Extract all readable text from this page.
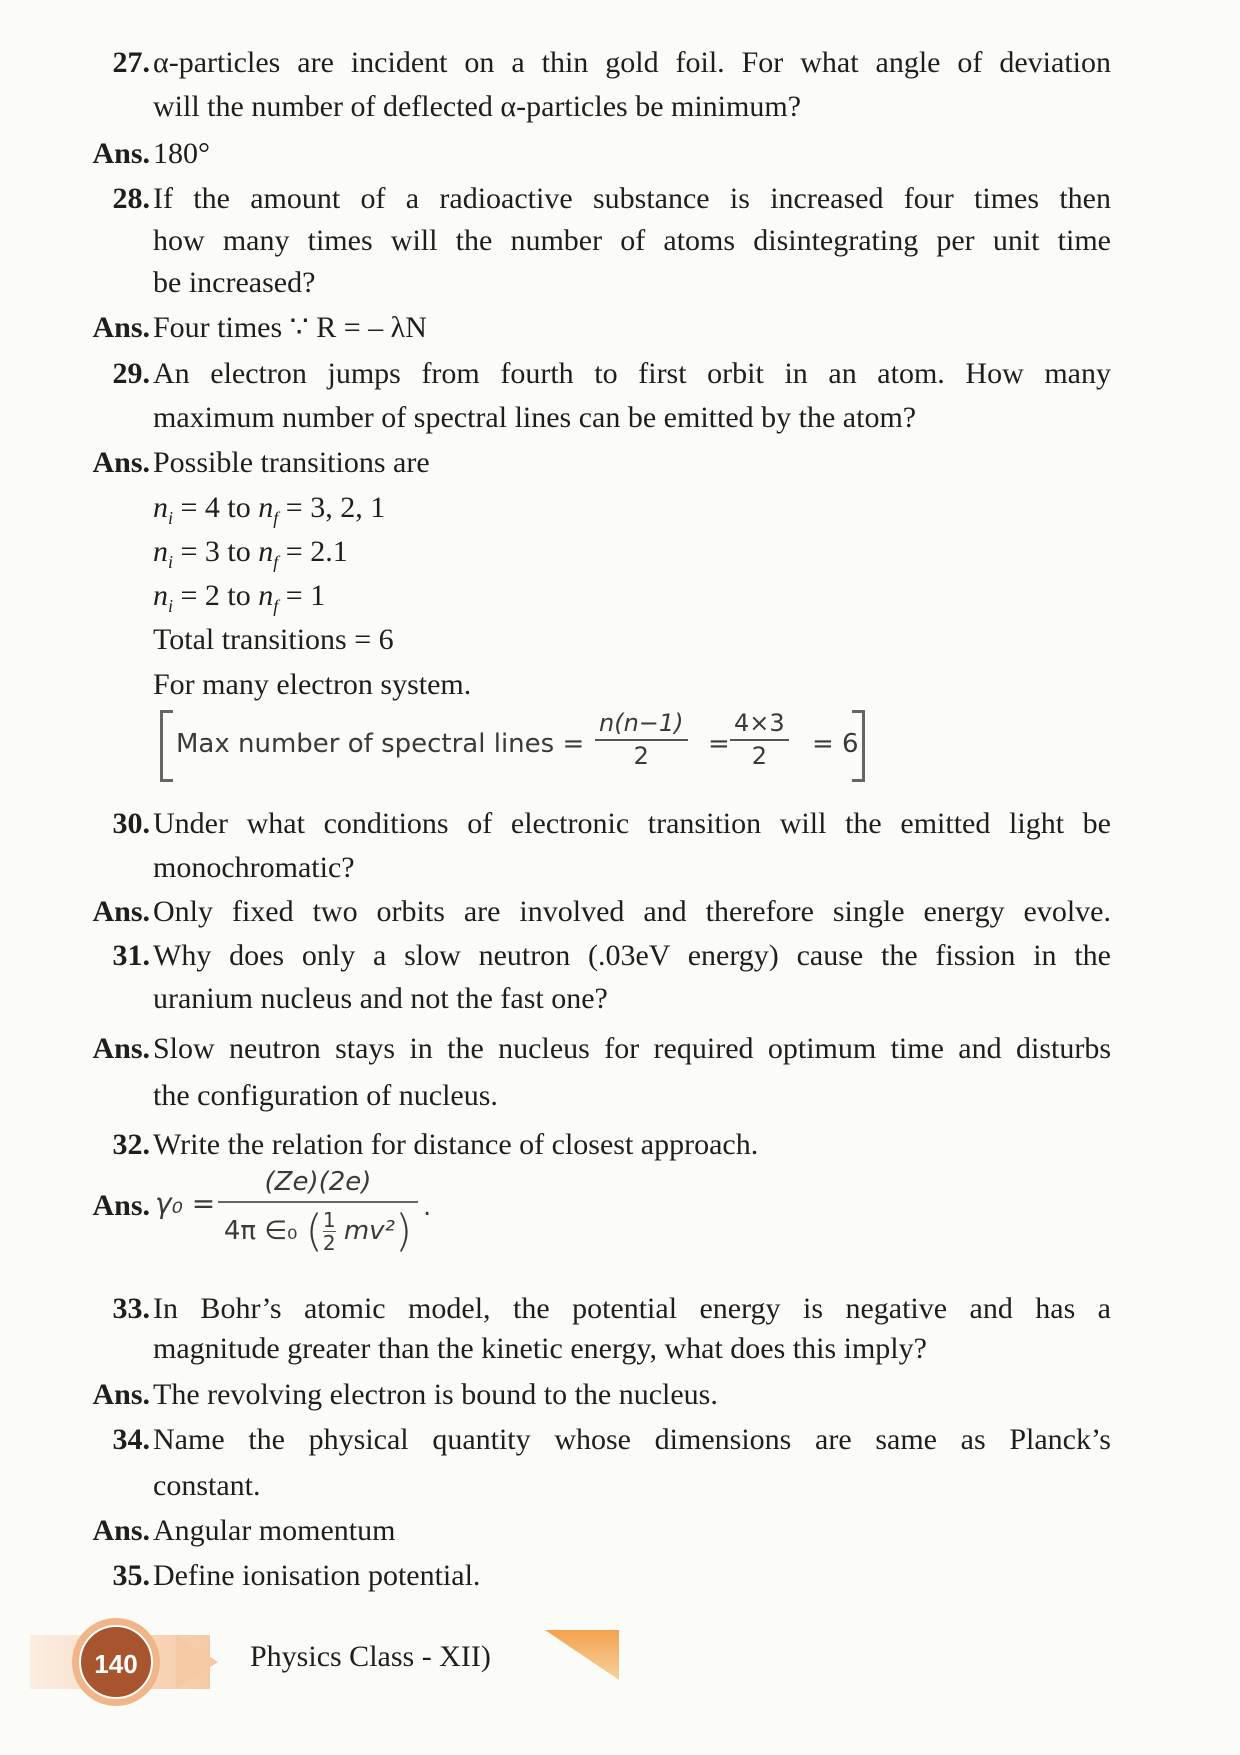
27. α-particles are incident on a thin gold foil. For what angle of deviation
will the number of deflected α-particles be minimum?
Ans. 180°
28. If the amount of a radioactive substance is increased four times then
how many times will the number of atoms disintegrating per unit time
be increased?
Ans. Four times ∵ R = – λN
29. An electron jumps from fourth to first orbit in an atom. How many
maximum number of spectral lines can be emitted by the atom?
Ans. Possible transitions are
$n_i = 4$ to $n_f = 3$, 2, 1
$n_i = 3$ to $n_f = 2.1$
$n_i = 2$ to $n_f = 1$
Total transitions = 6
For many electron system.
Max number of spectral lines = $\frac{n(n-1)}{2} = \frac{4\times 3}{2} = 6$
30. Under what conditions of electronic transition will the emitted light be
monochromatic?
Ans. Only fixed two orbits are involved and therefore single energy evolve.
31. Why does only a slow neutron (.03eV energy) cause the fission in the
uranium nucleus and not the fast one?
Ans. Slow neutron stays in the nucleus for required optimum time and disturbs
the configuration of nucleus.
32. Write the relation for distance of closest approach.
Ans. $\gamma_0 = \frac{(Ze)(2e)}{4\pi \in_0 ( \frac{1}{2} mv^2)}$ .
33. In Bohr’s atomic model, the potential energy is negative and has a
magnitude greater than the kinetic energy, what does this imply?
Ans. The revolving electron is bound to the nucleus.
34. Name the physical quantity whose dimensions are same as Planck’s
constant.
Ans. Angular momentum
35. Define ionisation potential.
140	Physics Class - XII)
